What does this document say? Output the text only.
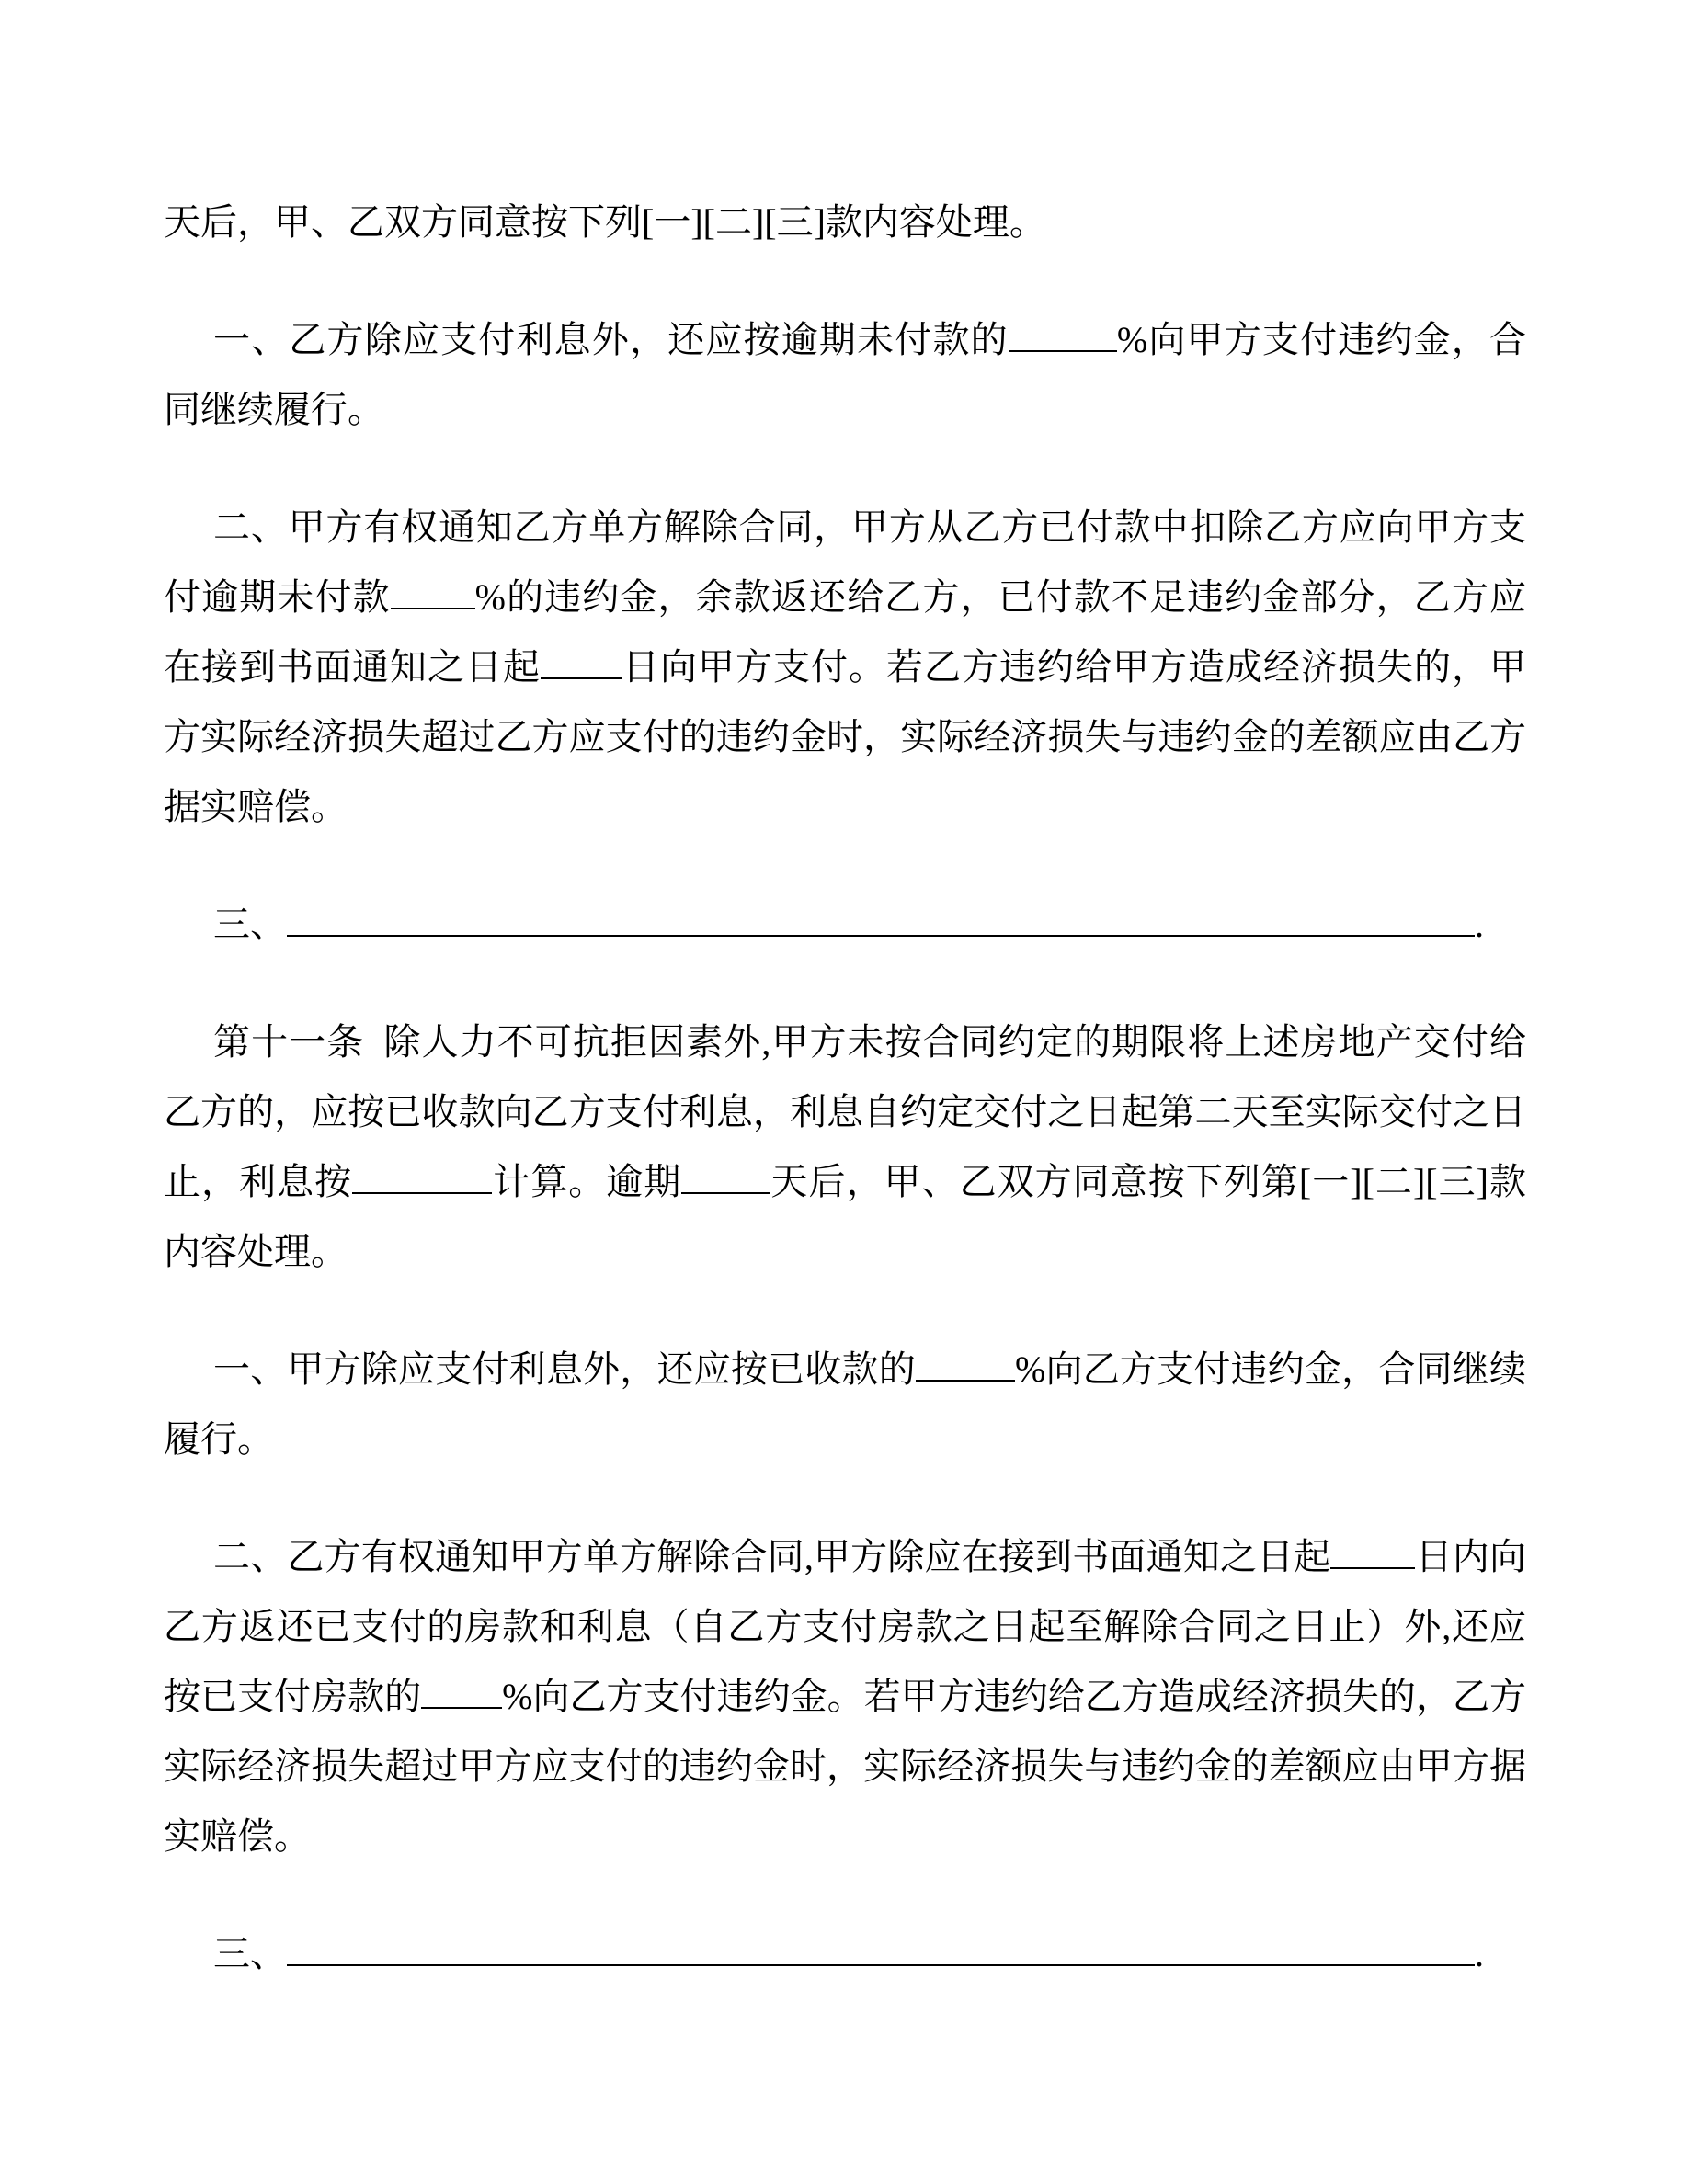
天后，甲、乙双方同意按下列[一][二][三]款内容处理。

一、乙方除应支付利息外，还应按逾期未付款的	%向甲方支付违约金，合同继续履行。

二、甲方有权通知乙方单方解除合同，甲方从乙方已付款中扣除乙方应向甲方支付逾期未付款 %的违约金，余款返还给乙方，已付款不足违约金部分，乙方应在接到书面通知之日起 日向甲方支付。若乙方违约给甲方造成经济损失的，甲方实际经济损失超过乙方应支付的违约金时，实际经济损失与违约金的差额应由乙方据实赔偿。

三、	.

第十一条 除人力不可抗拒因素外,甲方未按合同约定的期限将上述房地产交付给乙方的，应按已收款向乙方支付利息，利息自约定交付之日起第二天至实际交付之日止，利息按	计算。逾期 天后，甲、乙双方同意按下列第[一][二][三]款内容处理。

一、甲方除应支付利息外，还应按已收款的	%向乙方支付违约金，合同继续履行。

二、乙方有权通知甲方单方解除合同,甲方除应在接到书面通知之日起 日内向乙方返还已支付的房款和利息（自乙方支付房款之日起至解除合同之日止）外,还应按已支付房款的 %向乙方支付违约金。若甲方违约给乙方造成经济损失的，乙方实际经济损失超过甲方应支付的违约金时，实际经济损失与违约金的差额应由甲方据实赔偿。

三、	.
